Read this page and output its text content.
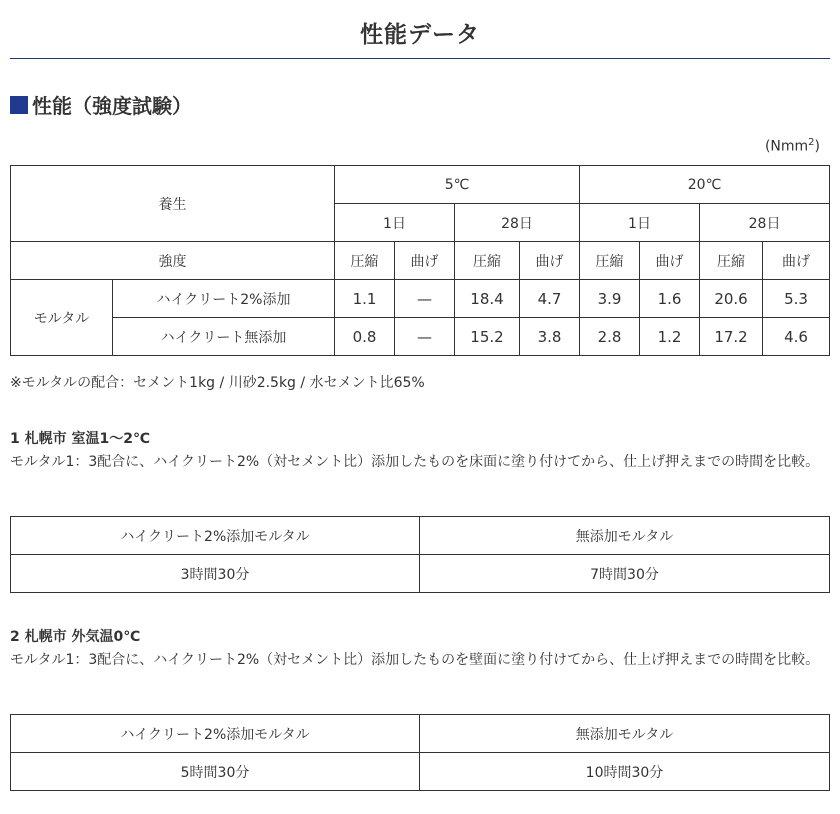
性能データ
性能（強度試験）
(Nmm$^2$)
養生		5℃				20℃			
		1日		28日		1日		28日	
強度		圧縮	曲げ	圧縮	曲げ	圧縮	曲げ	圧縮	曲げ
モルタル	ハイクリート2%添加	1.1	—	18.4	4.7	3.9	1.6	20.6	5.3
	ハイクリート無添加	0.8	—	15.2	3.8	2.8	1.2	17.2	4.6
※モルタルの配合：セメント1kg / 川砂2.5kg / 水セメント比65%
1 札幌市 室温1～2℃
モルタル1：3配合に、ハイクリート2%（対セメント比）添加したものを床面に塗り付けてから、仕上げ押えまでの時間を比較。
ハイクリート2%添加モルタル	無添加モルタル
3時間30分	7時間30分
2 札幌市 外気温0℃
モルタル1：3配合に、ハイクリート2%（対セメント比）添加したものを壁面に塗り付けてから、仕上げ押えまでの時間を比較。
ハイクリート2%添加モルタル	無添加モルタル
5時間30分	10時間30分
